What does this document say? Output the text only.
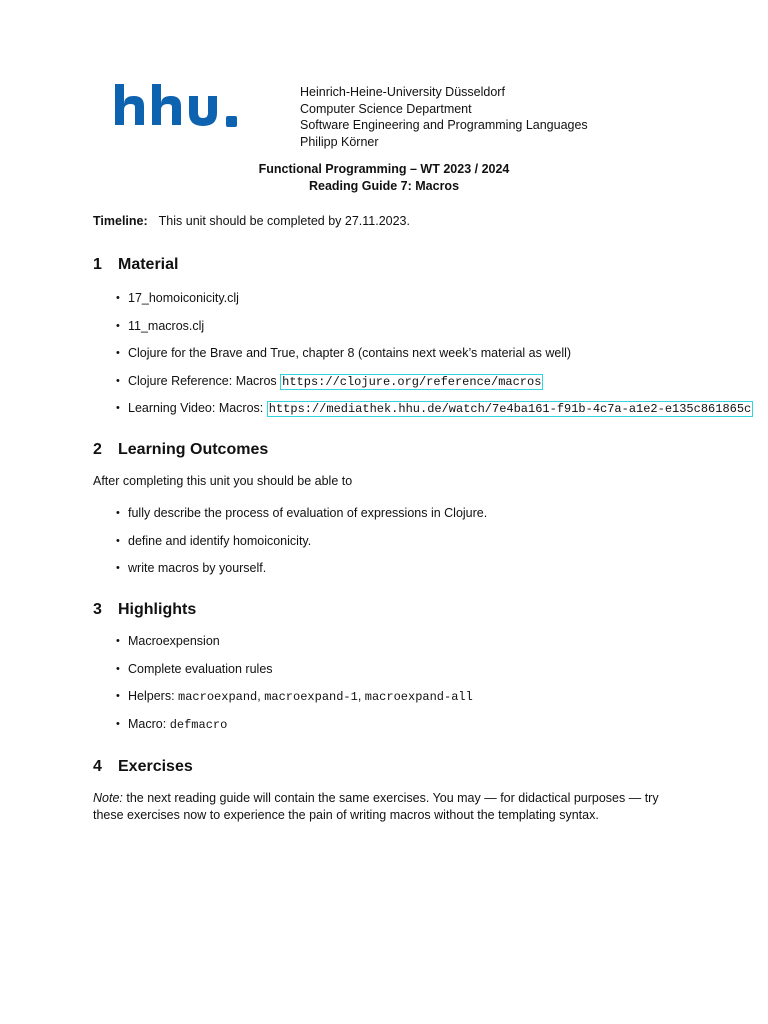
Heinrich-Heine-University Düsseldorf
Computer Science Department
Software Engineering and Programming Languages
Philipp Körner
Functional Programming – WT 2023 / 2024
Reading Guide 7: Macros
Timeline: This unit should be completed by 27.11.2023.
1 Material
• 17_homoiconicity.clj
• 11_macros.clj
• Clojure for the Brave and True, chapter 8 (contains next week’s material as well)
• Clojure Reference: Macros https://clojure.org/reference/macros
• Learning Video: Macros: https://mediathek.hhu.de/watch/7e4ba161-f91b-4c7a-a1e2-e135c861865c
2 Learning Outcomes
After completing this unit you should be able to
• fully describe the process of evaluation of expressions in Clojure.
• define and identify homoiconicity.
• write macros by yourself.
3 Highlights
• Macroexpension
• Complete evaluation rules
• Helpers: macroexpand, macroexpand-1, macroexpand-all
• Macro: defmacro
4 Exercises
Note: the next reading guide will contain the same exercises. You may — for didactical purposes — try
these exercises now to experience the pain of writing macros without the templating syntax.
